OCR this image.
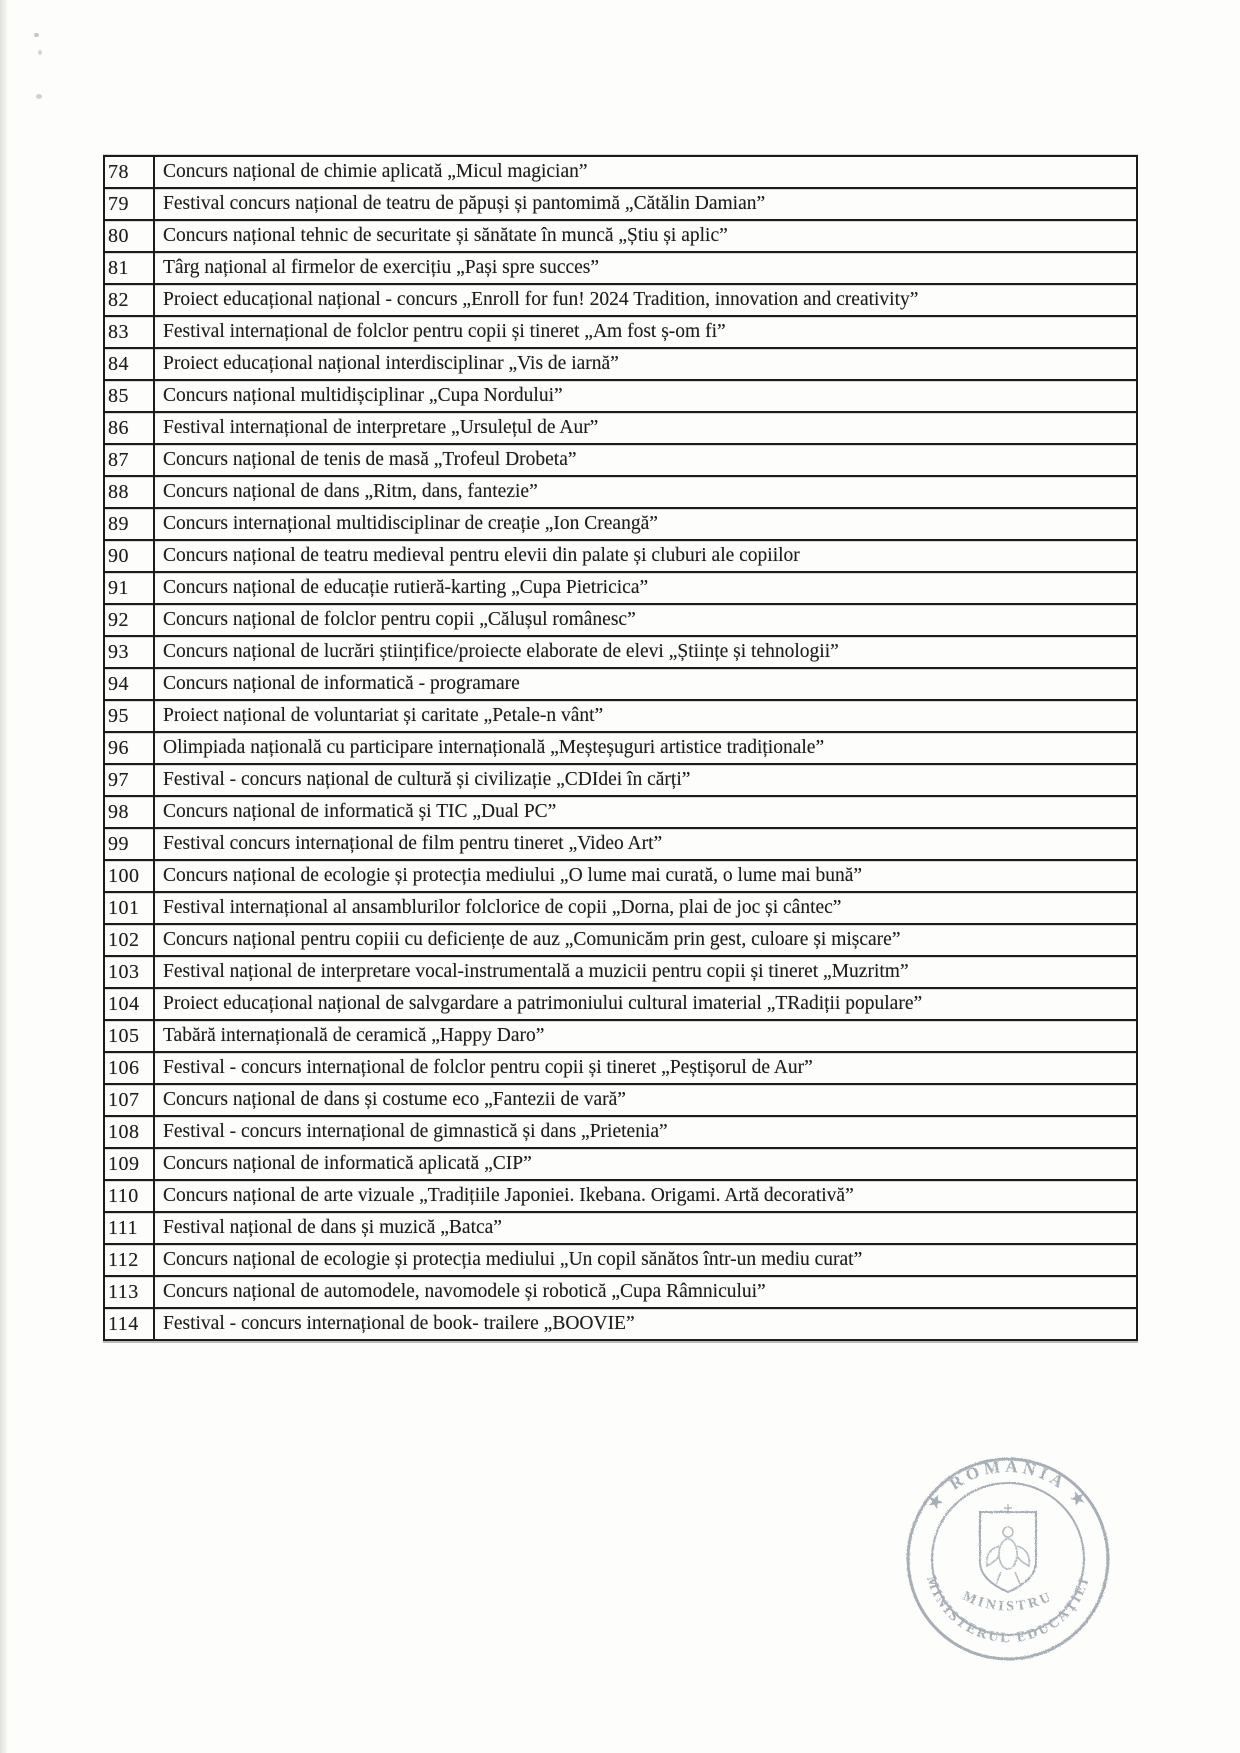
78	Concurs național de chimie aplicată „Micul magician”
79	Festival concurs național de teatru de păpuși și pantomimă „Cătălin Damian”
80	Concurs național tehnic de securitate și sănătate în muncă „Știu și aplic”
81	Târg național al firmelor de exercițiu „Pași spre succes”
82	Proiect educațional național - concurs „Enroll for fun! 2024 Tradition, innovation and creativity”
83	Festival internațional de folclor pentru copii și tineret „Am fost ș-om fi”
84	Proiect educațional național interdisciplinar „Vis de iarnă”
85	Concurs național multidișciplinar „Cupa Nordului”
86	Festival internațional de interpretare „Ursulețul de Aur”
87	Concurs național de tenis de masă „Trofeul Drobeta”
88	Concurs național de dans „Ritm, dans, fantezie”
89	Concurs internațional multidisciplinar de creație „Ion Creangă”
90	Concurs național de teatru medieval pentru elevii din palate și cluburi ale copiilor
91	Concurs național de educație rutieră-karting „Cupa Pietricica”
92	Concurs național de folclor pentru copii „Călușul românesc”
93	Concurs național de lucrări științifice/proiecte elaborate de elevi „Științe și tehnologii”
94	Concurs național de informatică - programare
95	Proiect național de voluntariat și caritate „Petale-n vânt”
96	Olimpiada națională cu participare internațională „Meșteșuguri artistice tradiționale”
97	Festival - concurs național de cultură și civilizație „CDIdei în cărți”
98	Concurs național de informatică și TIC „Dual PC”
99	Festival concurs internațional de film pentru tineret „Video Art”
100	Concurs național de ecologie și protecția mediului „O lume mai curată, o lume mai bună”
101	Festival internațional al ansamblurilor folclorice de copii „Dorna, plai de joc și cântec”
102	Concurs național pentru copiii cu deficiențe de auz „Comunicăm prin gest, culoare și mișcare”
103	Festival național de interpretare vocal-instrumentală a muzicii pentru copii și tineret „Muzritm”
104	Proiect educațional național de salvgardare a patrimoniului cultural imaterial „TRadiții populare”
105	Tabără internațională de ceramică „Happy Daro”
106	Festival - concurs internațional de folclor pentru copii și tineret „Peștișorul de Aur”
107	Concurs național de dans și costume eco „Fantezii de vară”
108	Festival - concurs internațional de gimnastică și dans „Prietenia”
109	Concurs național de informatică aplicată „CIP”
110	Concurs național de arte vizuale „Tradițiile Japoniei. Ikebana. Origami. Artă decorativă”
111	Festival național de dans și muzică „Batca”
112	Concurs național de ecologie și protecția mediului „Un copil sănătos într-un mediu curat”
113	Concurs național de automodele, navomodele și robotică „Cupa Râmnicului”
114	Festival - concurs internațional de book- trailere „BOOVIE”
★ ROMÂNIA ★
MINISTERUL EDUCAȚIEI
MINISTRU
